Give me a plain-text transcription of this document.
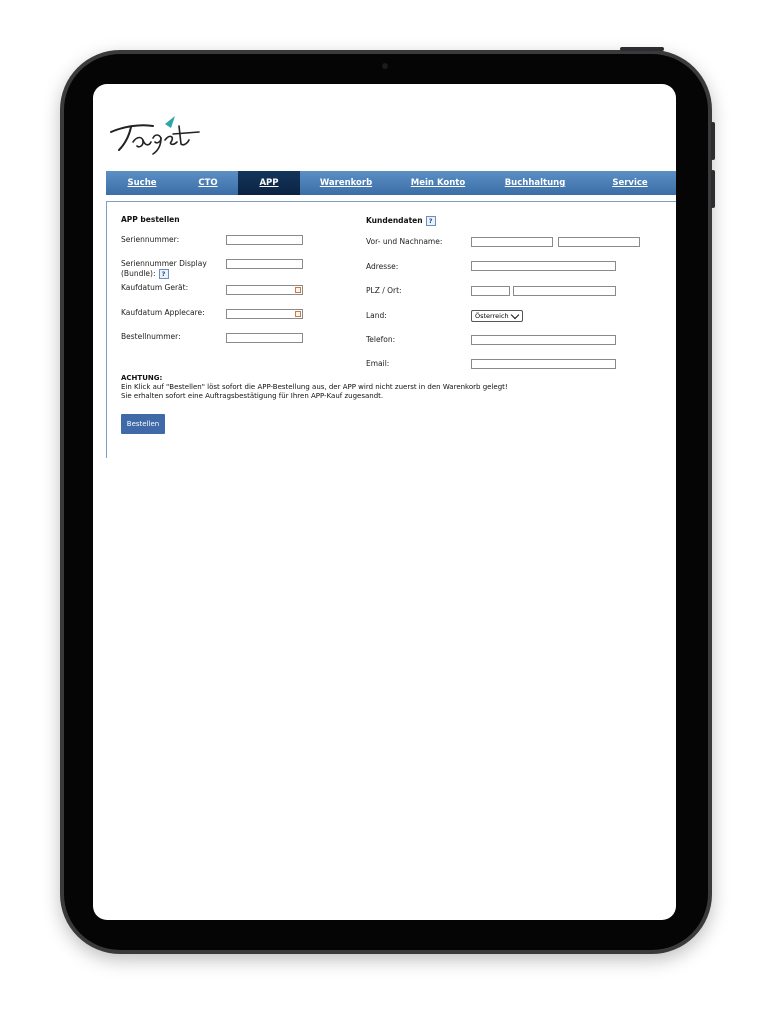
Suche	CTO	APP	Warenkorb	Mein Konto	Buchhaltung	Service
APP bestellen
Seriennummer:
Seriennummer Display (Bundle): ?
Kaufdatum Gerät:
Kaufdatum Applecare:
Bestellnummer:
Kundendaten ?
Vor- und Nachname:
Adresse:
PLZ / Ort:
Land:	Österreich
Telefon:
Email:
ACHTUNG:
Ein Klick auf "Bestellen" löst sofort die APP-Bestellung aus, der APP wird nicht zuerst in den Warenkorb gelegt!
Sie erhalten sofort eine Auftragsbestätigung für Ihren APP-Kauf zugesandt.
Bestellen
